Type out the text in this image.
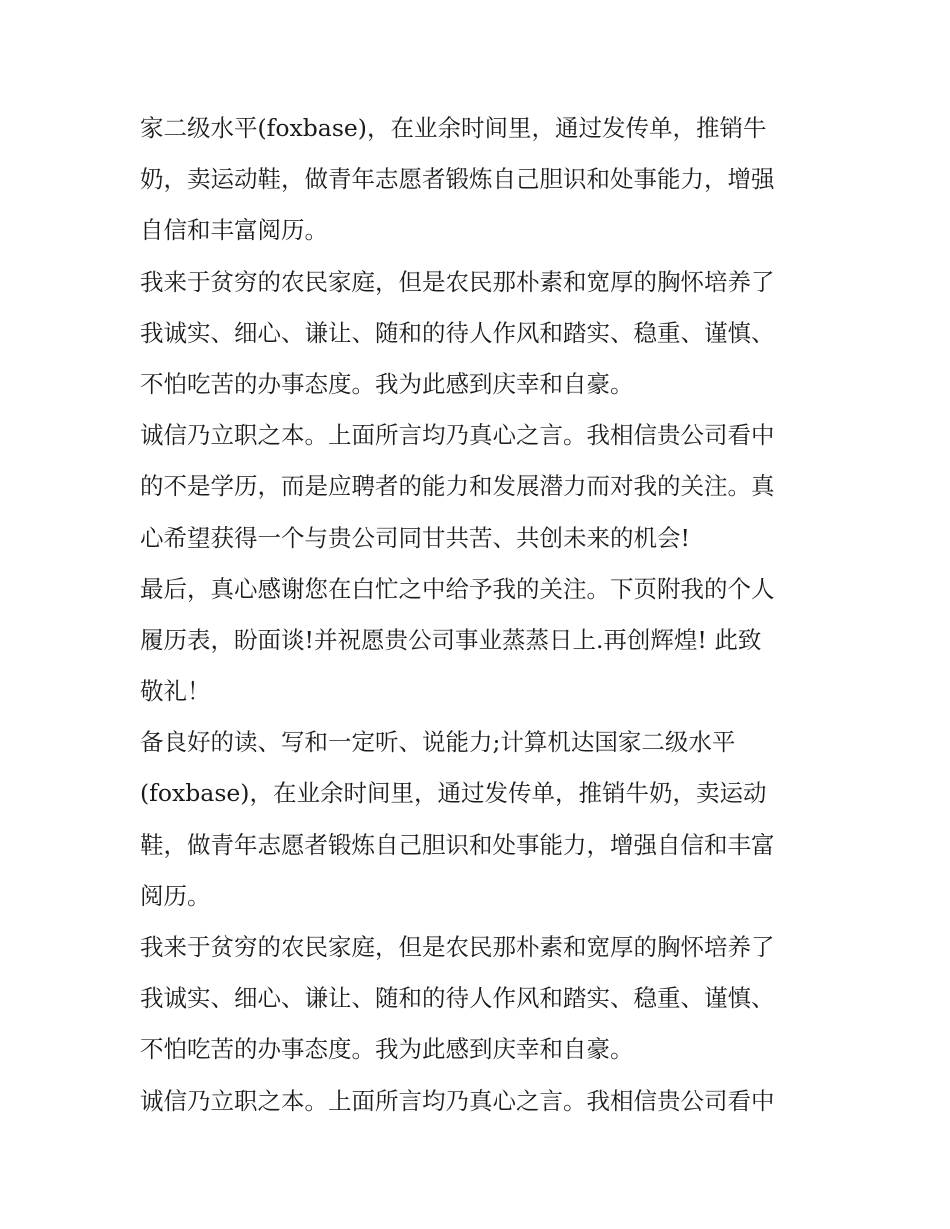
家二级水平(foxbase)，在业余时间里，通过发传单，推销牛
奶，卖运动鞋，做青年志愿者锻炼自己胆识和处事能力，增强
自信和丰富阅历。
我来于贫穷的农民家庭，但是农民那朴素和宽厚的胸怀培养了
我诚实、细心、谦让、随和的待人作风和踏实、稳重、谨慎、
不怕吃苦的办事态度。我为此感到庆幸和自豪。
诚信乃立职之本。上面所言均乃真心之言。我相信贵公司看中
的不是学历，而是应聘者的能力和发展潜力而对我的关注。真
心希望获得一个与贵公司同甘共苦、共创未来的机会!
最后，真心感谢您在白忙之中给予我的关注。下页附我的个人
履历表，盼面谈!并祝愿贵公司事业蒸蒸日上.再创辉煌! 此致
敬礼！
备良好的读、写和一定听、说能力;计算机达国家二级水平
(foxbase)，在业余时间里，通过发传单，推销牛奶，卖运动
鞋，做青年志愿者锻炼自己胆识和处事能力，增强自信和丰富
阅历。
我来于贫穷的农民家庭，但是农民那朴素和宽厚的胸怀培养了
我诚实、细心、谦让、随和的待人作风和踏实、稳重、谨慎、
不怕吃苦的办事态度。我为此感到庆幸和自豪。
诚信乃立职之本。上面所言均乃真心之言。我相信贵公司看中
